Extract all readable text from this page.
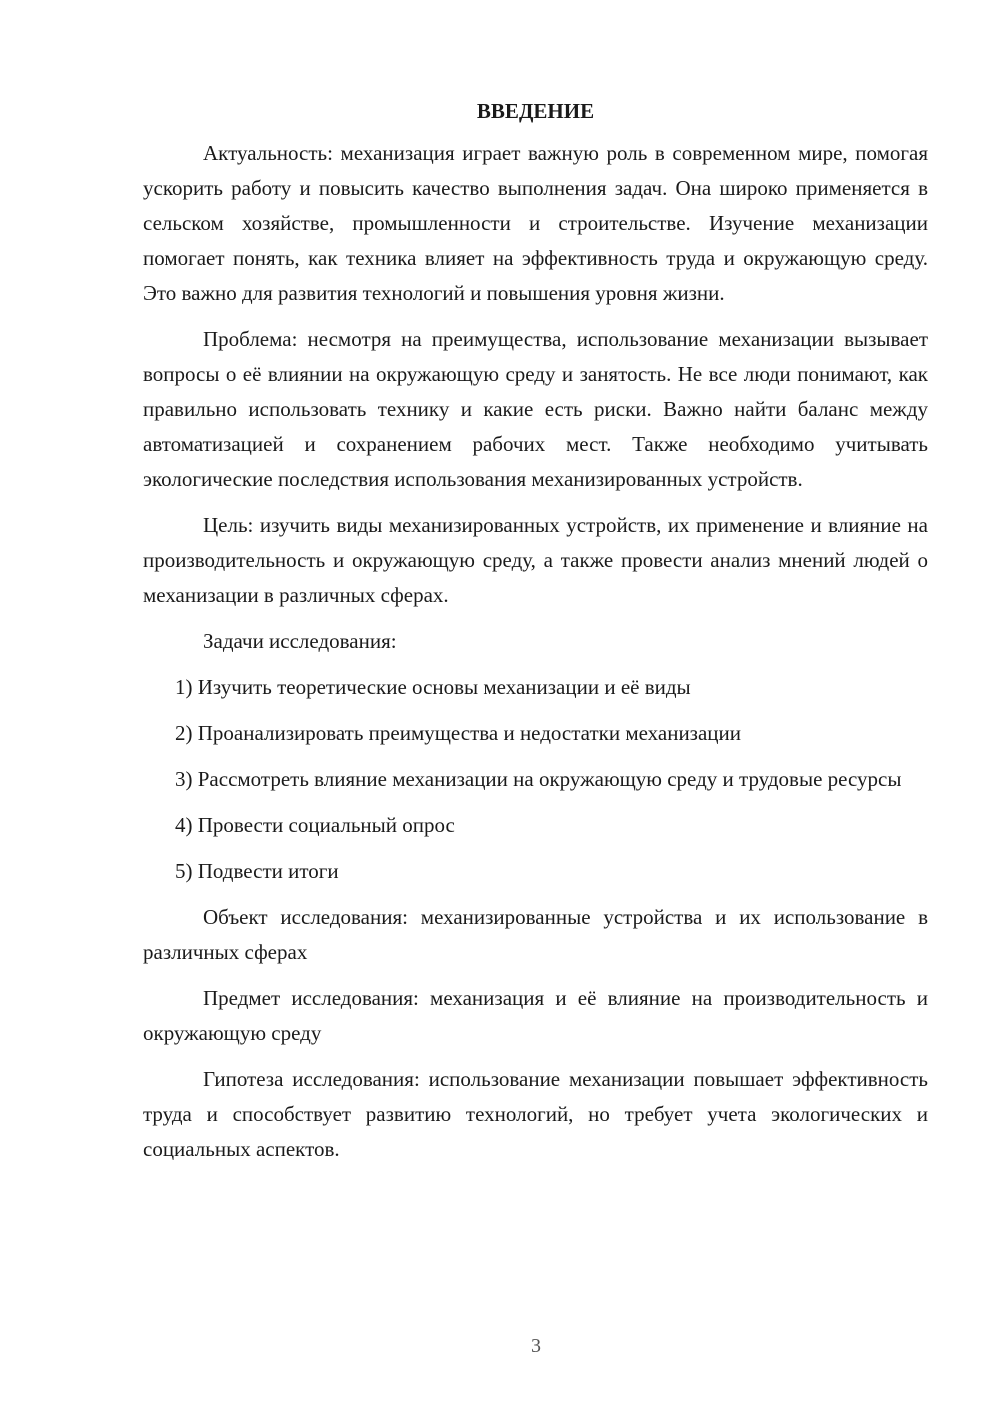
ВВЕДЕНИЕ

Актуальность: механизация играет важную роль в современном мире, помогая ускорить работу и повысить качество выполнения задач. Она широко применяется в сельском хозяйстве, промышленности и строительстве. Изучение механизации помогает понять, как техника влияет на эффективность труда и окружающую среду. Это важно для развития технологий и повышения уровня жизни.

Проблема: несмотря на преимущества, использование механизации вызывает вопросы о её влиянии на окружающую среду и занятость. Не все люди понимают, как правильно использовать технику и какие есть риски. Важно найти баланс между автоматизацией и сохранением рабочих мест. Также необходимо учитывать экологические последствия использования механизированных устройств.

Цель: изучить виды механизированных устройств, их применение и влияние на производительность и окружающую среду, а также провести анализ мнений людей о механизации в различных сферах.

Задачи исследования:

1) Изучить теоретические основы механизации и её виды

2) Проанализировать преимущества и недостатки механизации

3) Рассмотреть влияние механизации на окружающую среду и трудовые ресурсы

4) Провести социальный опрос

5) Подвести итоги

Объект исследования: механизированные устройства и их использование в различных сферах

Предмет исследования: механизация и её влияние на производительность и окружающую среду

Гипотеза исследования: использование механизации повышает эффективность труда и способствует развитию технологий, но требует учета экологических и социальных аспектов.

3
